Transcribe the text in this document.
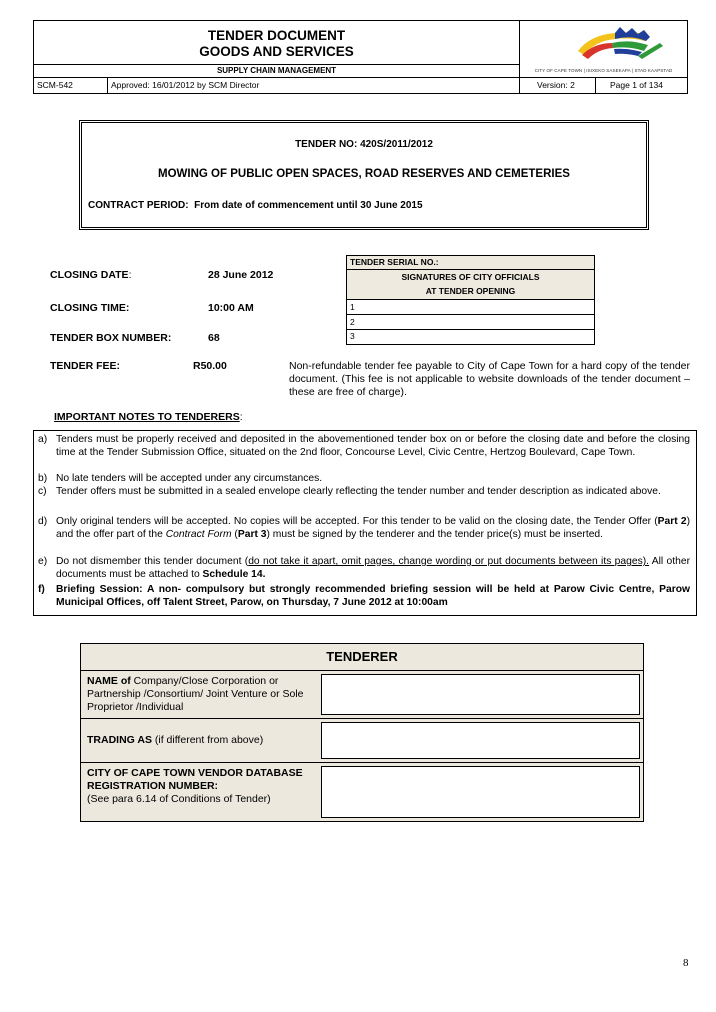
TENDER DOCUMENT
GOODS AND SERVICES
SUPPLY CHAIN MANAGEMENT	CITY OF CAPE TOWN | ISIXEKO SASEKAPA | STAD KAAPSTAD
SCM-542	Approved: 16/01/2012 by SCM Director	Version: 2	Page 1 of 134
TENDER NO: 420S/2011/2012
MOWING OF PUBLIC OPEN SPACES, ROAD RESERVES AND CEMETERIES
CONTRACT PERIOD: From date of commencement until 30 June 2015
CLOSING DATE:	28 June 2012
CLOSING TIME:	10:00 AM
TENDER BOX NUMBER:	68
TENDER FEE:	R50.00	Non-refundable tender fee payable to City of Cape Town for a hard copy of the tender document. (This fee is not applicable to website downloads of the tender document – these are free of charge).
TENDER SERIAL NO.:
SIGNATURES OF CITY OFFICIALS
AT TENDER OPENING
1
2
3
IMPORTANT NOTES TO TENDERERS:
a) Tenders must be properly received and deposited in the abovementioned tender box on or before the closing date and before the closing time at the Tender Submission Office, situated on the 2nd floor, Concourse Level, Civic Centre, Hertzog Boulevard, Cape Town.
b) No late tenders will be accepted under any circumstances.
c) Tender offers must be submitted in a sealed envelope clearly reflecting the tender number and tender description as indicated above.
d) Only original tenders will be accepted. No copies will be accepted. For this tender to be valid on the closing date, the Tender Offer (Part 2) and the offer part of the Contract Form (Part 3) must be signed by the tenderer and the tender price(s) must be inserted.
e) Do not dismember this tender document (do not take it apart, omit pages, change wording or put documents between its pages). All other documents must be attached to Schedule 14.
f) Briefing Session: A non- compulsory but strongly recommended briefing session will be held at Parow Civic Centre, Parow Municipal Offices, off Talent Street, Parow, on Thursday, 7 June 2012 at 10:00am
TENDERER
NAME of Company/Close Corporation or Partnership /Consortium/ Joint Venture or Sole Proprietor /Individual
TRADING AS (if different from above)
CITY OF CAPE TOWN VENDOR DATABASE REGISTRATION NUMBER:
(See para 6.14 of Conditions of Tender)
8
